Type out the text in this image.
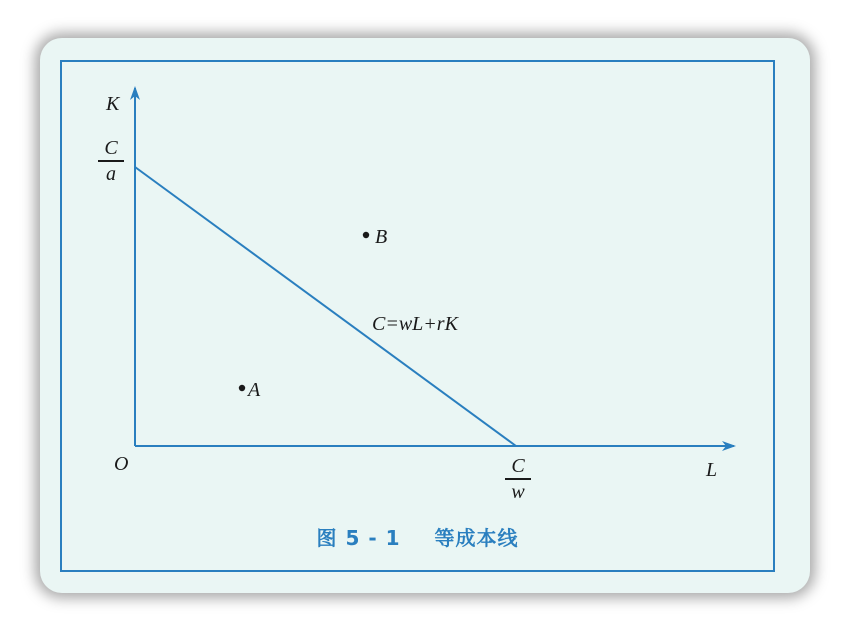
K
L
O
C
a
C
w
C=wL+rK
A
B
图 5 - 1 等成本线
